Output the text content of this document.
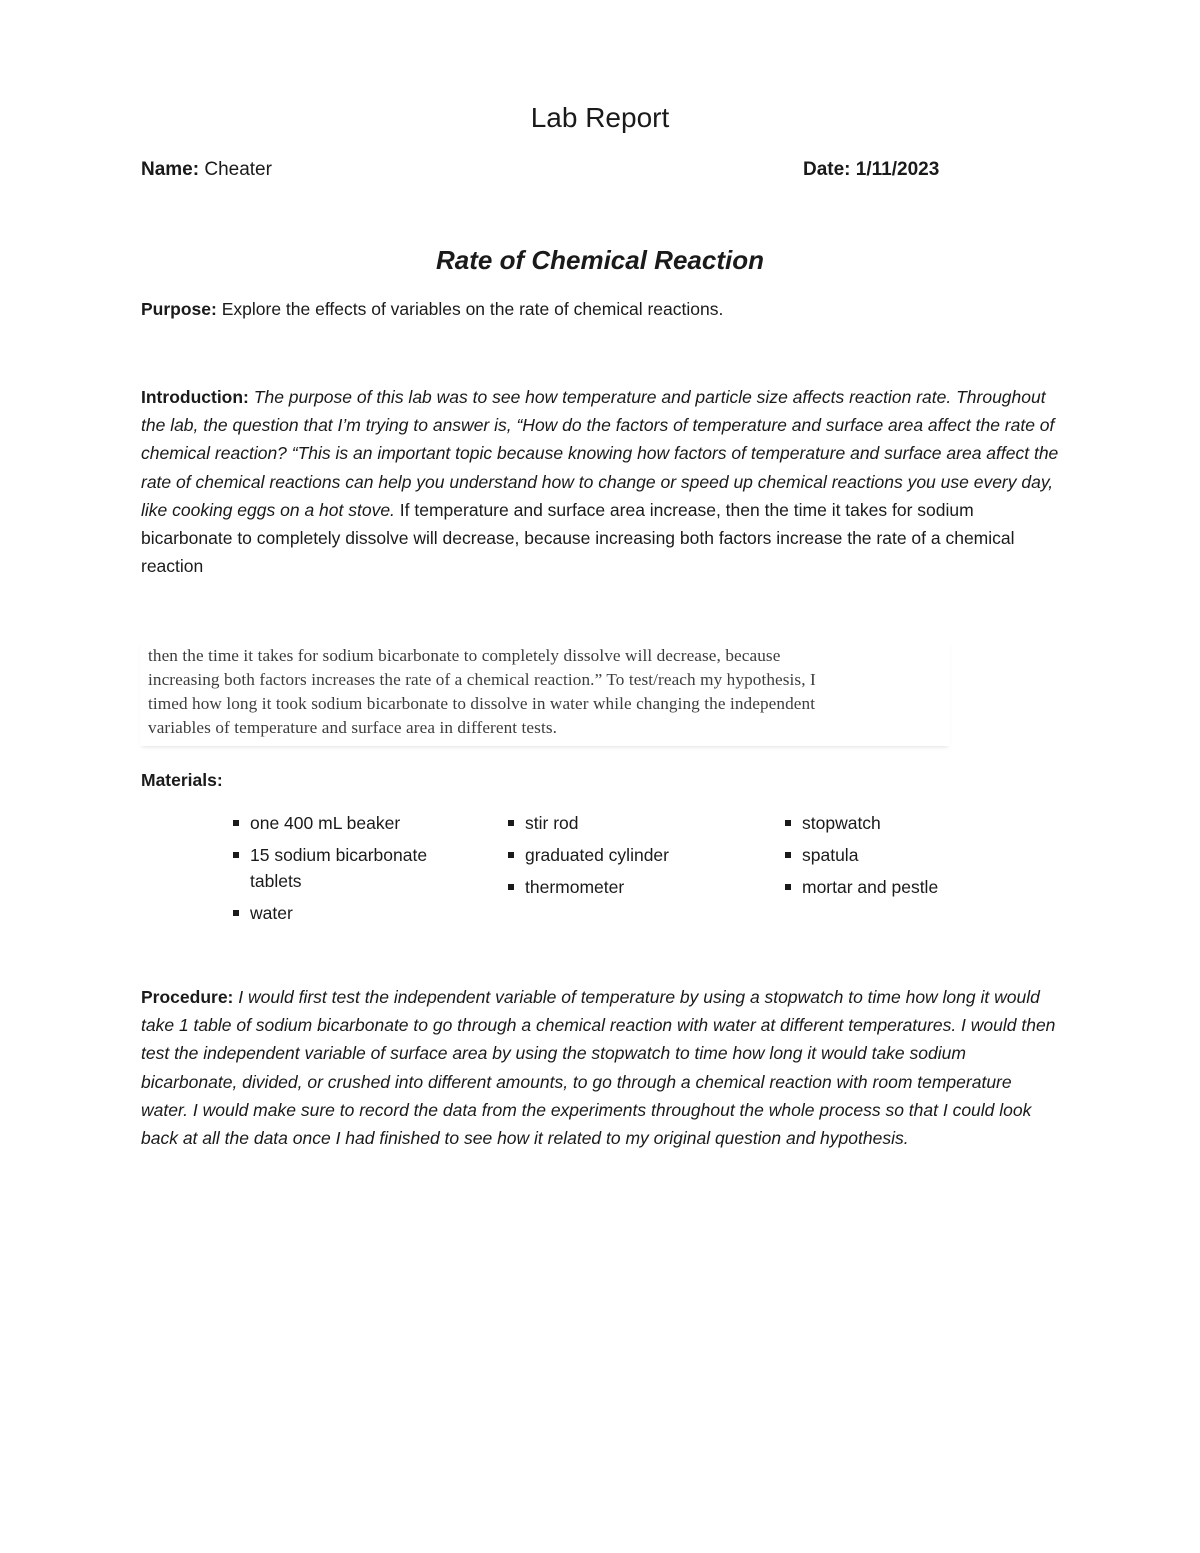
Lab Report
Name: Cheater	Date: 1/11/2023
Rate of Chemical Reaction
Purpose: Explore the effects of variables on the rate of chemical reactions.
Introduction: The purpose of this lab was to see how temperature and particle size affects reaction rate. Throughout the lab, the question that I’m trying to answer is, “How do the factors of temperature and surface area affect the rate of chemical reaction? “This is an important topic because knowing how factors of temperature and surface area affect the rate of chemical reactions can help you understand how to change or speed up chemical reactions you use every day, like cooking eggs on a hot stove. If temperature and surface area increase, then the time it takes for sodium bicarbonate to completely dissolve will decrease, because increasing both factors increase the rate of a chemical reaction

then the time it takes for sodium bicarbonate to completely dissolve will decrease, because

increasing both factors increases the rate of a chemical reaction.” To test/reach my hypothesis, I

timed how long it took sodium bicarbonate to dissolve in water while changing the independent

variables of temperature and surface area in different tests.

Materials:
one 400 mL beaker
15 sodium bicarbonate tablets
water
stir rod
graduated cylinder
thermometer
stopwatch
spatula
mortar and pestle
Procedure: I would first test the independent variable of temperature by using a stopwatch to time how long it would take 1 table of sodium bicarbonate to go through a chemical reaction with water at different temperatures. I would then test the independent variable of surface area by using the stopwatch to time how long it would take sodium bicarbonate, divided, or crushed into different amounts, to go through a chemical reaction with room temperature water. I would make sure to record the data from the experiments throughout the whole process so that I could look back at all the data once I had finished to see how it related to my original question and hypothesis.
